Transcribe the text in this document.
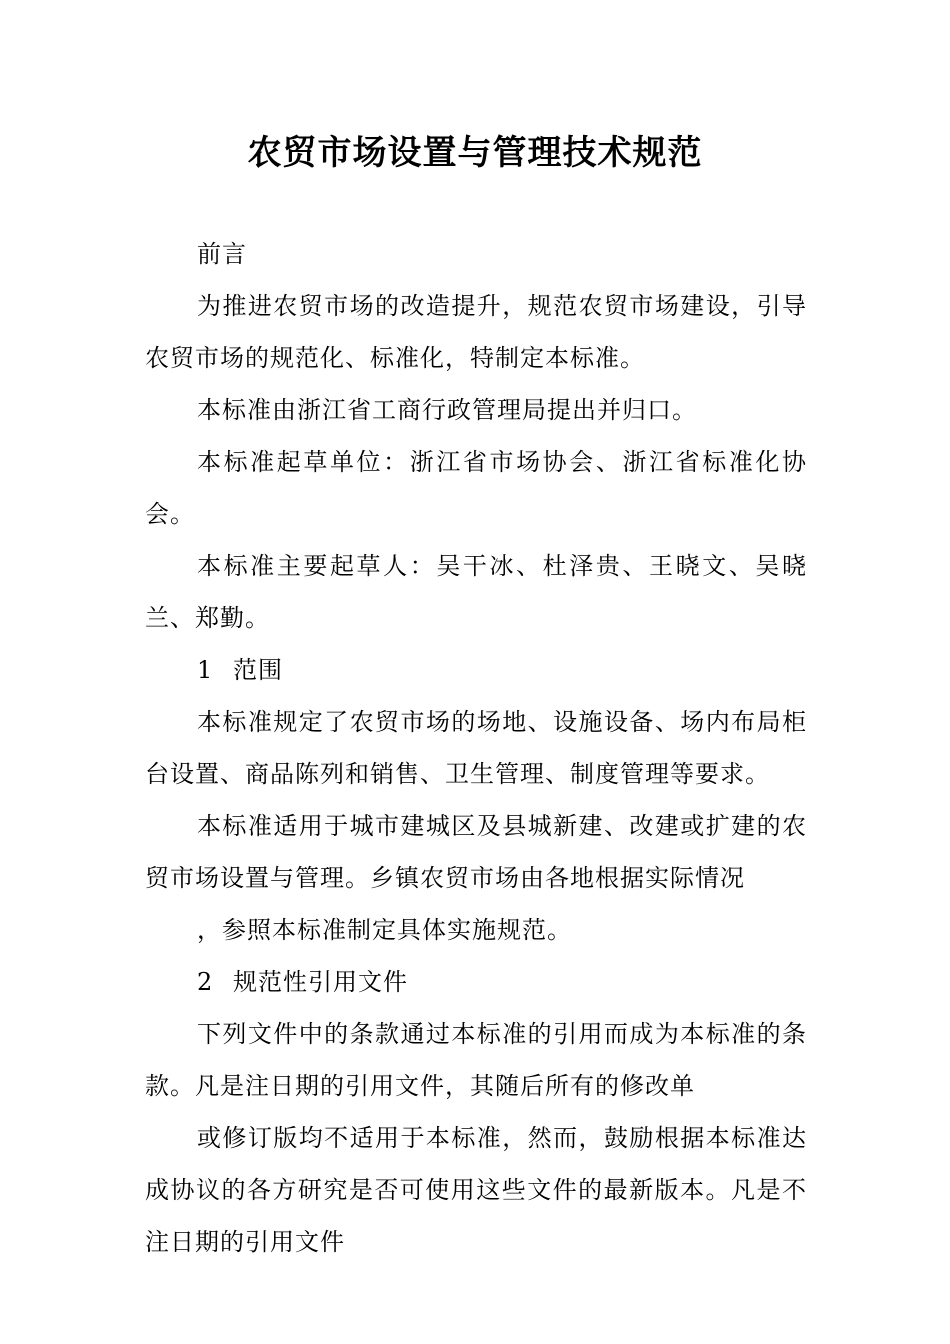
农贸市场设置与管理技术规范

前言

为推进农贸市场的改造提升，规范农贸市场建设，引导农贸市场的规范化、标准化，特制定本标准。

本标准由浙江省工商行政管理局提出并归口。

本标准起草单位：浙江省市场协会、浙江省标准化协会。

本标准主要起草人：吴干冰、杜泽贵、王晓文、吴晓兰、郑勤。

1 范围

本标准规定了农贸市场的场地、设施设备、场内布局柜台设置、商品陈列和销售、卫生管理、制度管理等要求。

本标准适用于城市建城区及县城新建、改建或扩建的农贸市场设置与管理。乡镇农贸市场由各地根据实际情况

，参照本标准制定具体实施规范。

2 规范性引用文件

下列文件中的条款通过本标准的引用而成为本标准的条款。凡是注日期的引用文件，其随后所有的修改单

或修订版均不适用于本标准，然而，鼓励根据本标准达成协议的各方研究是否可使用这些文件的最新版本。凡是不注日期的引用文件
